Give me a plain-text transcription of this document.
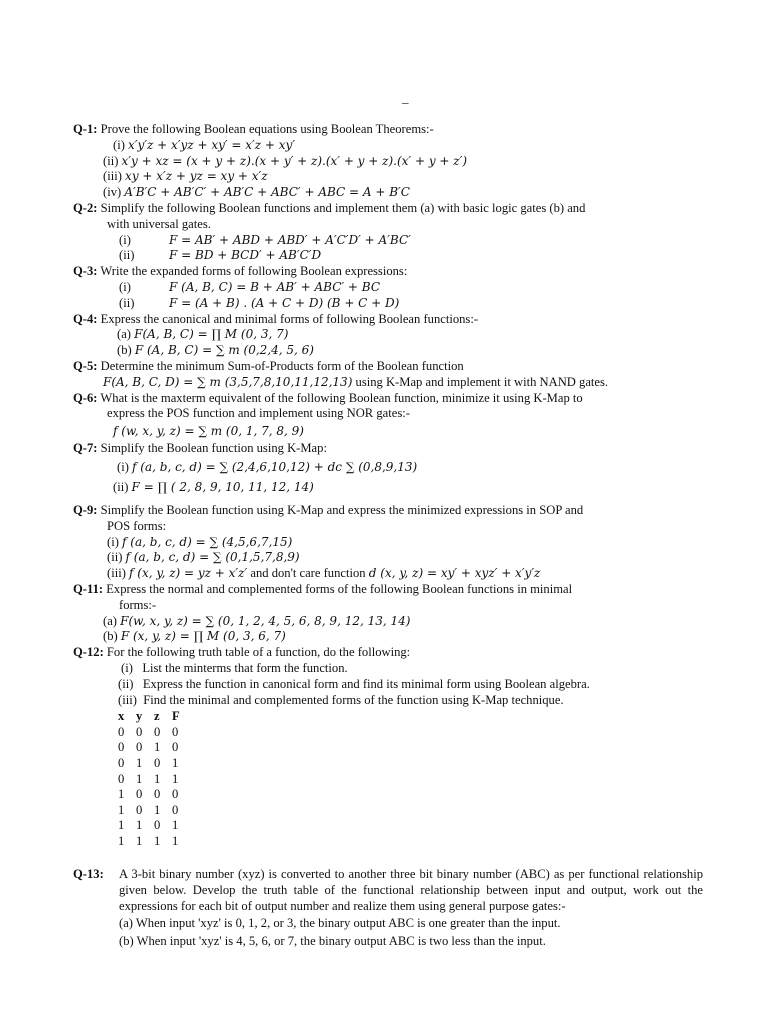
_
Q-1: Prove the following Boolean equations using Boolean Theorems:-
(i) x′y′z + x′yz + xy′ = x′z + xy′
(ii) x′y + xz = (x + y + z).(x + y′ + z).(x′ + y + z).(x′ + y + z′)
(iii) xy + x′z + yz = xy + x′z
(iv) A′B′C + AB′C′ + AB′C + ABC′ + ABC = A + B′C
Q-2: Simplify the following Boolean functions and implement them (a) with basic logic gates (b) and
with universal gates.
(i)	F = AB′ + ABD + ABD′ + A′C′D′ + A′BC′
(ii)	F = BD + BCD′ + AB′C′D
Q-3: Write the expanded forms of following Boolean expressions:
(i)	F (A, B, C) = B + AB′ + ABC′ + BC
(ii)	F = (A + B) . (A + C + D) (B + C + D)
Q-4: Express the canonical and minimal forms of following Boolean functions:-
(a) F(A, B, C) = ∏ M (0, 3, 7)
(b) F (A, B, C) = ∑ m (0,2,4, 5, 6)
Q-5: Determine the minimum Sum-of-Products form of the Boolean function
F(A, B, C, D) = ∑ m (3,5,7,8,10,11,12,13) using K-Map and implement it with NAND gates.
Q-6: What is the maxterm equivalent of the following Boolean function, minimize it using K-Map to
express the POS function and implement using NOR gates:-
f (w, x, y, z) = ∑ m (0, 1, 7, 8, 9)
Q-7: Simplify the Boolean function using K-Map:
(i) f (a, b, c, d) = ∑ (2,4,6,10,12) + dc ∑ (0,8,9,13)
(ii) F = ∏ ( 2, 8, 9, 10, 11, 12, 14)
Q-9: Simplify the Boolean function using K-Map and express the minimized expressions in SOP and
POS forms:
(i) f (a, b, c, d) = ∑ (4,5,6,7,15)
(ii) f (a, b, c, d) = ∑ (0,1,5,7,8,9)
(iii) f (x, y, z) = yz + x′z′ and don't care function d (x, y, z) = xy′ + xyz′ + x′y′z
Q-11: Express the normal and complemented forms of the following Boolean functions in minimal
forms:-
(a) F(w, x, y, z) = ∑ (0, 1, 2, 4, 5, 6, 8, 9, 12, 13, 14)
(b) F (x, y, z) = ∏ M (0, 3, 6, 7)
Q-12: For the following truth table of a function, do the following:
(i) List the minterms that form the function.
(ii) Express the function in canonical form and find its minimal form using Boolean algebra.
(iii) Find the minimal and complemented forms of the function using K-Map technique.
x	y	z	F
0	0	0	0
0	0	1	0
0	1	0	1
0	1	1	1
1	0	0	0
1	0	1	0
1	1	0	1
1	1	1	1
Q-13:	A 3-bit binary number (xyz) is converted to another three bit binary number (ABC) as per functional relationship given below. Develop the truth table of the functional relationship between input and output, work out the expressions for each bit of output number and realize them using general purpose gates:-
(a) When input 'xyz' is 0, 1, 2, or 3, the binary output ABC is one greater than the input.
(b) When input 'xyz' is 4, 5, 6, or 7, the binary output ABC is two less than the input.
